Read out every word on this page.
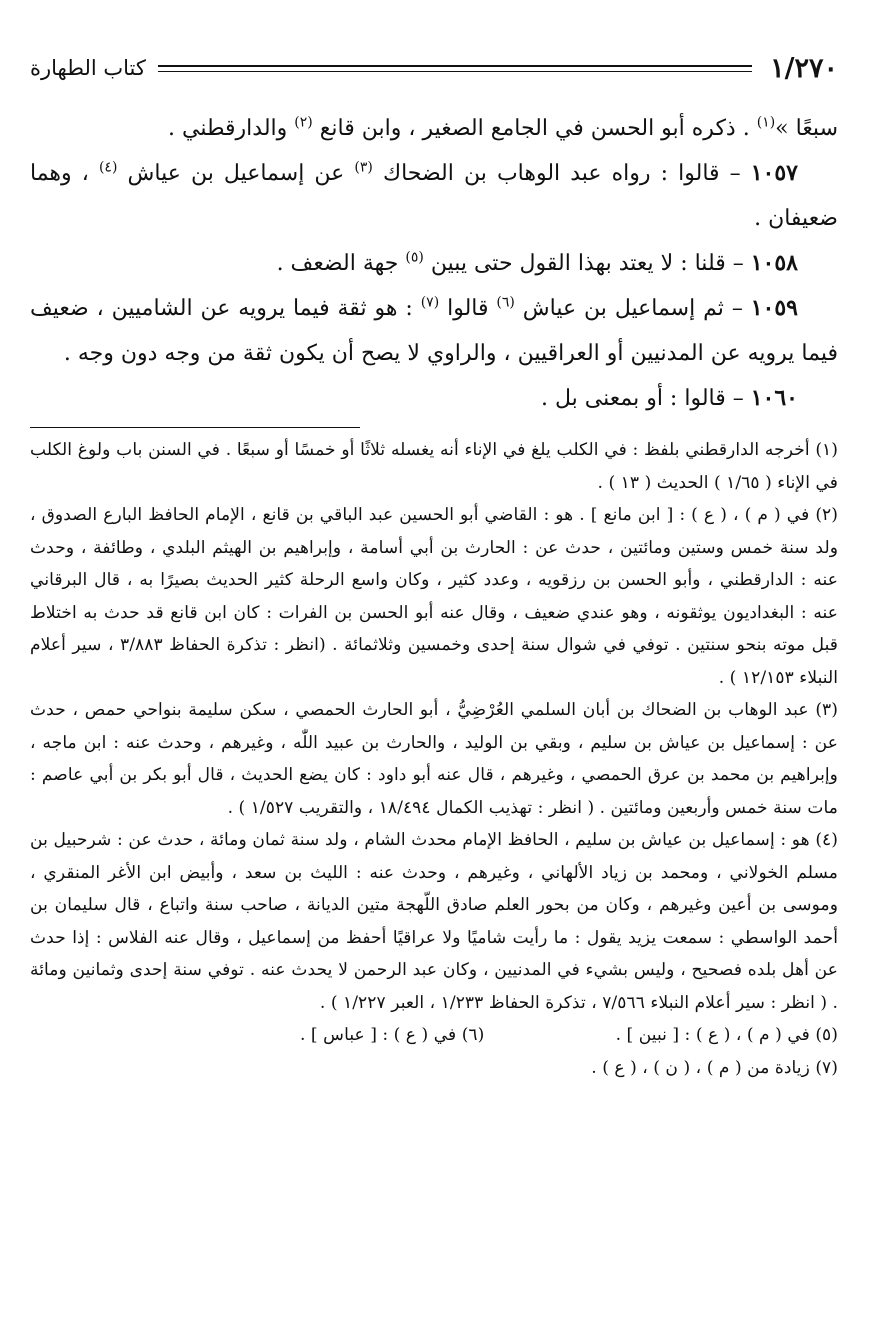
١/٢٧٠
كتاب الطهارة

سبعًا »$^{(١)}$ . ذكره أبو الحسن في الجامع الصغير ، وابن قانع $^{(٢)}$ والدارقطني .

١٠٥٧ – قالوا : رواه عبد الوهاب بن الضحاك $^{(٣)}$ عن إسماعيل بن عياش $^{(٤)}$ ، وهما ضعيفان .

١٠٥٨ – قلنا : لا يعتد بهذا القول حتى يبين $^{(٥)}$ جهة الضعف .

١٠٥٩ – ثم إسماعيل بن عياش $^{(٦)}$ قالوا $^{(٧)}$ : هو ثقة فيما يرويه عن الشاميين ، ضعيف فيما يرويه عن المدنيين أو العراقيين ، والراوي لا يصح أن يكون ثقة من وجه دون وجه .

١٠٦٠ – قالوا : أو بمعنى بل .

(١) أخرجه الدارقطني بلفظ : في الكلب يلغ في الإناء أنه يغسله ثلاثًا أو خمسًا أو سبعًا . في السنن باب ولوغ الكلب في الإناء ( ١/٦٥ ) الحديث ( ١٣ ) .

(٢) في ( م ) ، ( ع ) : [ ابن مانع ] . هو : القاضي أبو الحسين عبد الباقي بن قانع ، الإمام الحافظ البارع الصدوق ، ولد سنة خمس وستين ومائتين ، حدث عن : الحارث بن أبي أسامة ، وإبراهيم بن الهيثم البلدي ، وطائفة ، وحدث عنه : الدارقطني ، وأبو الحسن بن رزقويه ، وعدد كثير ، وكان واسع الرحلة كثير الحديث بصيرًا به ، قال البرقاني عنه : البغداديون يوثقونه ، وهو عندي ضعيف ، وقال عنه أبو الحسن بن الفرات : كان ابن قانع قد حدث به اختلاط قبل موته بنحو سنتين . توفي في شوال سنة إحدى وخمسين وثلاثمائة . (انظر : تذكرة الحفاظ ٣/٨٨٣ ، سير أعلام النبلاء ١٢/١٥٣ ) .

(٣) عبد الوهاب بن الضحاك بن أبان السلمي العُرْضِيُّ ، أبو الحارث الحمصي ، سكن سليمة بنواحي حمص ، حدث عن : إسماعيل بن عياش بن سليم ، وبقي بن الوليد ، والحارث بن عبيد اللّٰه ، وغيرهم ، وحدث عنه : ابن ماجه ، وإبراهيم بن محمد بن عرق الحمصي ، وغيرهم ، قال عنه أبو داود : كان يضع الحديث ، قال أبو بكر بن أبي عاصم : مات سنة خمس وأربعين ومائتين . ( انظر : تهذيب الكمال ١٨/٤٩٤ ، والتقريب ١/٥٢٧ ) .

(٤) هو : إسماعيل بن عياش بن سليم ، الحافظ الإمام محدث الشام ، ولد سنة ثمان ومائة ، حدث عن : شرحبيل بن مسلم الخولاني ، ومحمد بن زياد الألهاني ، وغيرهم ، وحدث عنه : الليث بن سعد ، وأبيض ابن الأغر المنقري ، وموسى بن أعين وغيرهم ، وكان من بحور العلم صادق اللّهجة متين الديانة ، صاحب سنة واتباع ، قال سليمان بن أحمد الواسطي : سمعت يزيد يقول : ما رأيت شاميًا ولا عراقيًا أحفظ من إسماعيل ، وقال عنه الفلاس : إذا حدث عن أهل بلده فصحيح ، وليس بشيء في المدنيين ، وكان عبد الرحمن لا يحدث عنه . توفي سنة إحدى وثمانين ومائة . ( انظر : سير أعلام النبلاء ٧/٥٦٦ ، تذكرة الحفاظ ١/٢٣٣ ، العبر ١/٢٢٧ ) .

(٥) في ( م ) ، ( ع ) : [ نبين ] .
(٦) في ( ع ) : [ عباس ] .

(٧) زيادة من ( م ) ، ( ن ) ، ( ع ) .
